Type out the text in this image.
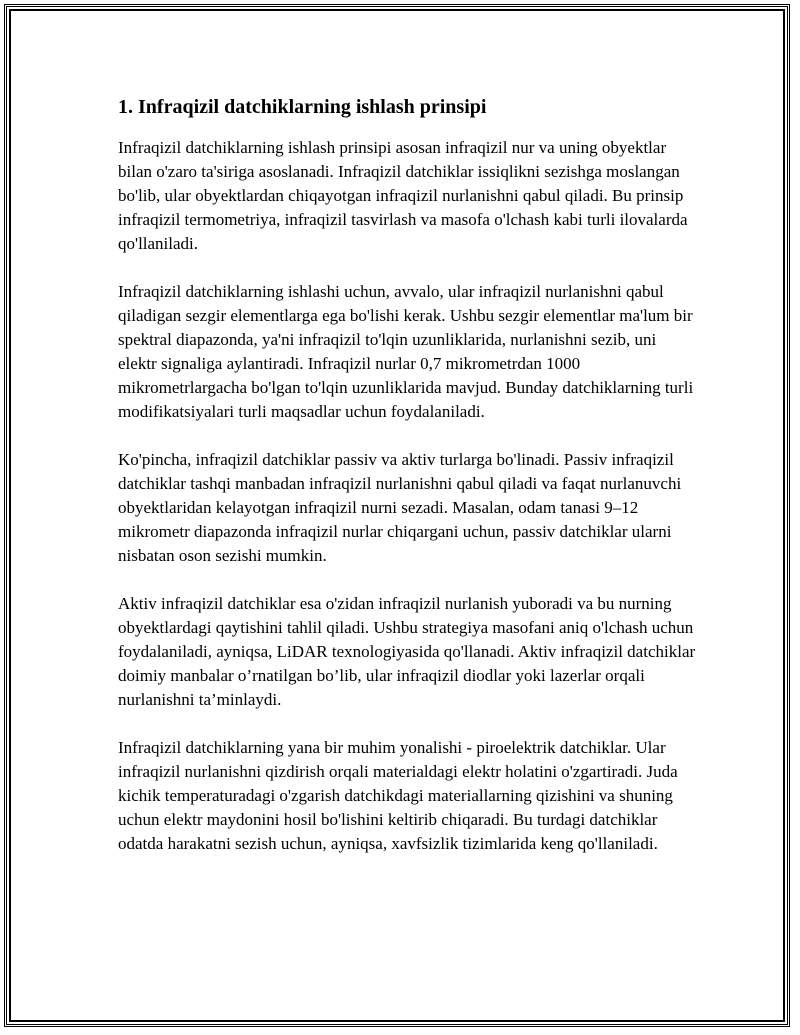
1. Infraqizil datchiklarning ishlash prinsipi

Infraqizil datchiklarning ishlash prinsipi asosan infraqizil nur va uning obyektlar bilan o'zaro ta'siriga asoslanadi. Infraqizil datchiklar issiqlikni sezishga moslangan bo'lib, ular obyektlardan chiqayotgan infraqizil nurlanishni qabul qiladi. Bu prinsip infraqizil termometriya, infraqizil tasvirlash va masofa o'lchash kabi turli ilovalarda qo'llaniladi.

Infraqizil datchiklarning ishlashi uchun, avvalo, ular infraqizil nurlanishni qabul qiladigan sezgir elementlarga ega bo'lishi kerak. Ushbu sezgir elementlar ma'lum bir spektral diapazonda, ya'ni infraqizil to'lqin uzunliklarida, nurlanishni sezib, uni elektr signaliga aylantiradi. Infraqizil nurlar 0,7 mikrometrdan 1000 mikrometrlargacha bo'lgan to'lqin uzunliklarida mavjud. Bunday datchiklarning turli modifikatsiyalari turli maqsadlar uchun foydalaniladi.

Ko'pincha, infraqizil datchiklar passiv va aktiv turlarga bo'linadi. Passiv infraqizil datchiklar tashqi manbadan infraqizil nurlanishni qabul qiladi va faqat nurlanuvchi obyektlaridan kelayotgan infraqizil nurni sezadi. Masalan, odam tanasi 9–12 mikrometr diapazonda infraqizil nurlar chiqargani uchun, passiv datchiklar ularni nisbatan oson sezishi mumkin.

Aktiv infraqizil datchiklar esa o'zidan infraqizil nurlanish yuboradi va bu nurning obyektlardagi qaytishini tahlil qiladi. Ushbu strategiya masofani aniq o'lchash uchun foydalaniladi, ayniqsa, LiDAR texnologiyasida qo'llanadi. Aktiv infraqizil datchiklar doimiy manbalar o’rnatilgan bo’lib, ular infraqizil diodlar yoki lazerlar orqali nurlanishni ta’minlaydi.

Infraqizil datchiklarning yana bir muhim yonalishi - piroelektrik datchiklar. Ular infraqizil nurlanishni qizdirish orqali materialdagi elektr holatini o'zgartiradi. Juda kichik temperaturadagi o'zgarish datchikdagi materiallarning qizishini va shuning uchun elektr maydonini hosil bo'lishini keltirib chiqaradi. Bu turdagi datchiklar odatda harakatni sezish uchun, ayniqsa, xavfsizlik tizimlarida keng qo'llaniladi.
